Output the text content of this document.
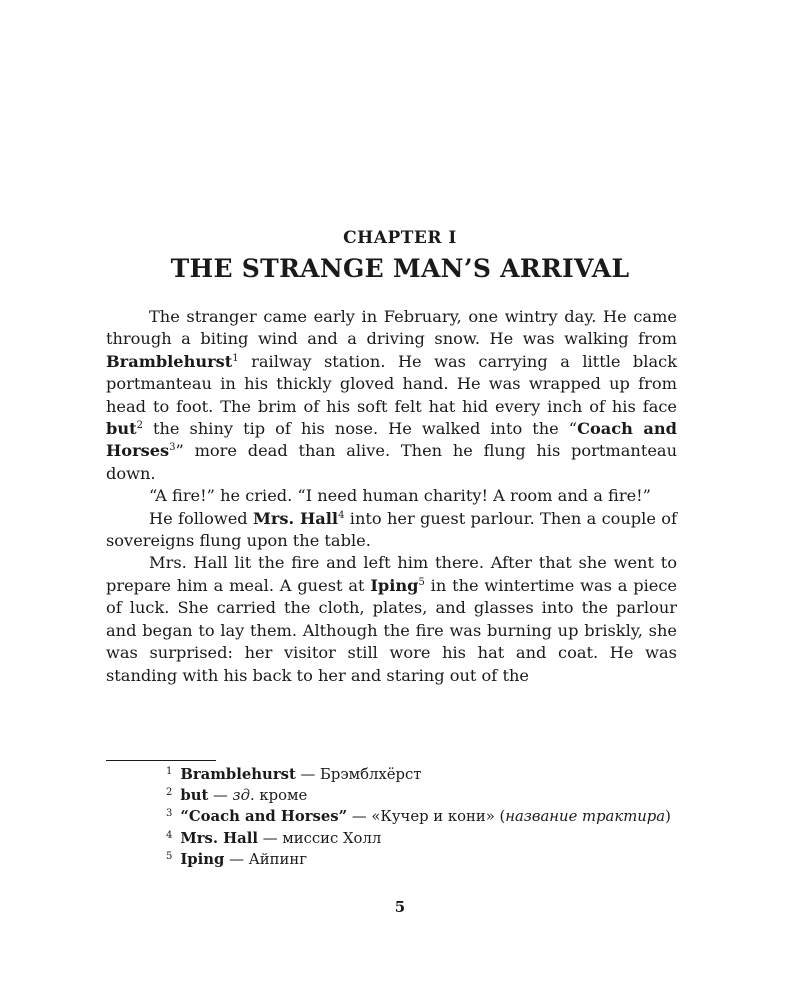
CHAPTER I
THE STRANGE MAN’S ARRIVAL

The stranger came early in February, one wintry day. He came through a biting wind and a driving snow. He was walking from Bramblehurst$^1$ railway station. He was carrying a little black portmanteau in his thickly gloved hand. He was wrapped up from head to foot. The brim of his soft felt hat hid every inch of his face but$^2$ the shiny tip of his nose. He walked into the “Coach and Horses$^3$” more dead than alive. Then he flung his portmanteau down.

“A fire!” he cried. “I need human charity! A room and a fire!”

He followed Mrs. Hall$^4$ into her guest parlour. Then a couple of sovereigns flung upon the table.

Mrs. Hall lit the fire and left him there. After that she went to prepare him a meal. A guest at Iping$^5$ in the wintertime was a piece of luck. She carried the cloth, plates, and glasses into the parlour and began to lay them. Although the fire was burning up briskly, she was surprised: her visitor still wore his hat and coat. He was standing with his back to her and staring out of the

1 Bramblehurst — Брэмблхёрст

2 but — зд. кроме

3 “Coach and Horses” — «Кучер и кони» (название трактира)

4 Mrs. Hall — миссис Холл

5 Iping — Айпинг

5
